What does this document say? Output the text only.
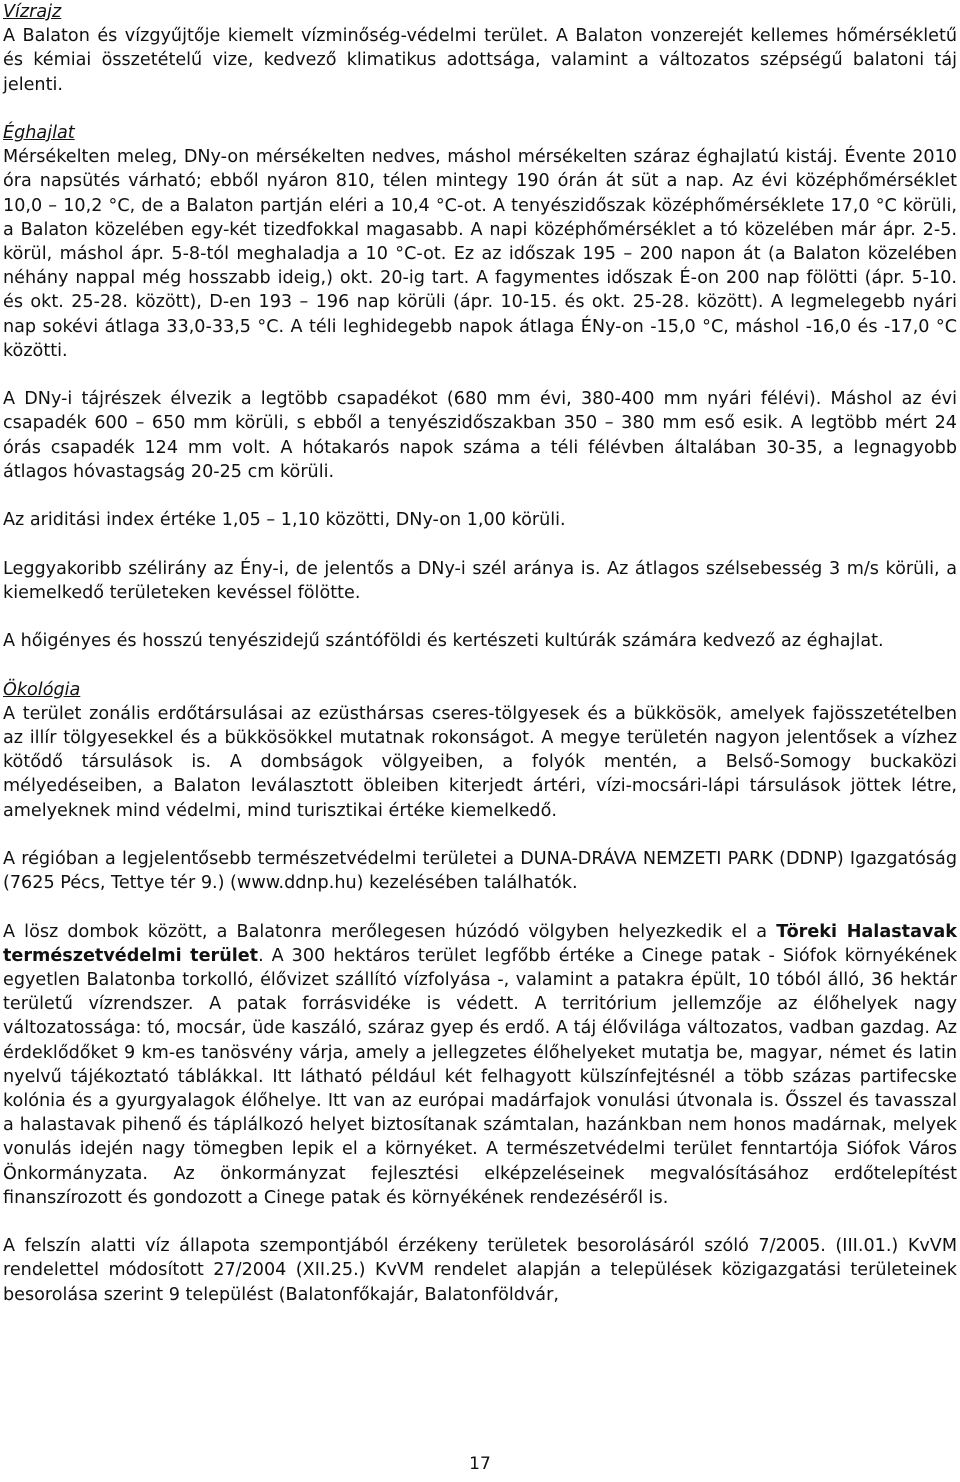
Vízrajz

A Balaton és vízgyűjtője kiemelt vízminőség-védelmi terület. A Balaton vonzerejét kellemes hőmérsékletű és kémiai összetételű vize, kedvező klimatikus adottsága, valamint a változatos szépségű balatoni táj jelenti.

Éghajlat

Mérsékelten meleg, DNy-on mérsékelten nedves, máshol mérsékelten száraz éghajlatú kistáj. Évente 2010 óra napsütés várható; ebből nyáron 810, télen mintegy 190 órán át süt a nap. Az évi középhőmérséklet 10,0 – 10,2 °C, de a Balaton partján eléri a 10,4 °C-ot. A tenyészidőszak középhőmérséklete 17,0 °C körüli, a Balaton közelében egy-két tizedfokkal magasabb. A napi középhőmérséklet a tó közelében már ápr. 2-5. körül, máshol ápr. 5-8-tól meghaladja a 10 °C-ot. Ez az időszak 195 – 200 napon át (a Balaton közelében néhány nappal még hosszabb ideig,) okt. 20-ig tart. A fagymentes időszak É-on 200 nap fölötti (ápr. 5-10. és okt. 25-28. között), D-en 193 – 196 nap körüli (ápr. 10-15. és okt. 25-28. között). A legmelegebb nyári nap sokévi átlaga 33,0-33,5 °C. A téli leghidegebb napok átlaga ÉNy-on -15,0 °C, máshol -16,0 és -17,0 °C közötti.

A DNy-i tájrészek élvezik a legtöbb csapadékot (680 mm évi, 380-400 mm nyári félévi). Máshol az évi csapadék 600 – 650 mm körüli, s ebből a tenyészidőszakban 350 – 380 mm eső esik. A legtöbb mért 24 órás csapadék 124 mm volt. A hótakarós napok száma a téli félévben általában 30-35, a legnagyobb átlagos hóvastagság 20-25 cm körüli.

Az ariditási index értéke 1,05 – 1,10 közötti, DNy-on 1,00 körüli.

Leggyakoribb szélirány az Ény-i, de jelentős a DNy-i szél aránya is. Az átlagos szélsebesség 3 m/s körüli, a kiemelkedő területeken kevéssel fölötte.

A hőigényes és hosszú tenyészidejű szántóföldi és kertészeti kultúrák számára kedvező az éghajlat.

Ökológia

A terület zonális erdőtársulásai az ezüsthársas cseres-tölgyesek és a bükkösök, amelyek fajösszetételben az illír tölgyesekkel és a bükkösökkel mutatnak rokonságot. A megye területén nagyon jelentősek a vízhez kötődő társulások is. A dombságok völgyeiben, a folyók mentén, a Belső-Somogy buckaközi mélyedéseiben, a Balaton leválasztott öbleiben kiterjedt ártéri, vízi-mocsári-lápi társulások jöttek létre, amelyeknek mind védelmi, mind turisztikai értéke kiemelkedő.

A régióban a legjelentősebb természetvédelmi területei a DUNA-DRÁVA NEMZETI PARK (DDNP) Igazgatóság (7625 Pécs, Tettye tér 9.) (www.ddnp.hu) kezelésében találhatók.

A lösz dombok között, a Balatonra merőlegesen húzódó völgyben helyezkedik el a Töreki Halastavak természetvédelmi terület. A 300 hektáros terület legfőbb értéke a Cinege patak - Siófok környékének egyetlen Balatonba torkolló, élővizet szállító vízfolyása -, valamint a patakra épült, 10 tóból álló, 36 hektár területű vízrendszer. A patak forrásvidéke is védett. A territórium jellemzője az élőhelyek nagy változatossága: tó, mocsár, üde kaszáló, száraz gyep és erdő. A táj élővilága változatos, vadban gazdag. Az érdeklődőket 9 km-es tanösvény várja, amely a jellegzetes élőhelyeket mutatja be, magyar, német és latin nyelvű tájékoztató táblákkal. Itt látható például két felhagyott külszínfejtésnél a több százas partifecske kolónia és a gyurgyalagok élőhelye. Itt van az európai madárfajok vonulási útvonala is. Ősszel és tavasszal a halastavak pihenő és táplálkozó helyet biztosítanak számtalan, hazánkban nem honos madárnak, melyek vonulás idején nagy tömegben lepik el a környéket. A természetvédelmi terület fenntartója Siófok Város Önkormányzata. Az önkormányzat fejlesztési elképzeléseinek megvalósításához erdőtelepítést finanszírozott és gondozott a Cinege patak és környékének rendezéséről is.

A felszín alatti víz állapota szempontjából érzékeny területek besorolásáról szóló 7/2005. (III.01.) KvVM rendelettel módosított 27/2004 (XII.25.) KvVM rendelet alapján a települések közigazgatási területeinek besorolása szerint 9 települést (Balatonfőkajár, Balatonföldvár,

17
